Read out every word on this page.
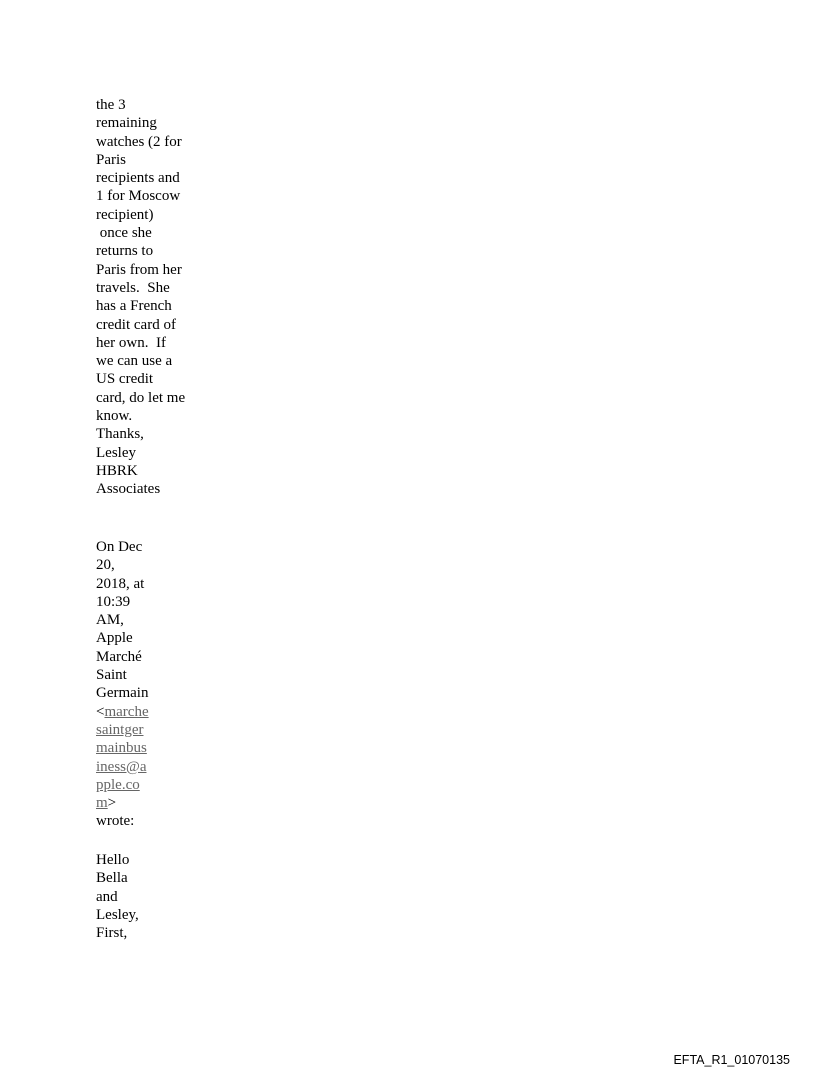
the 3
remaining
watches (2 for
Paris
recipients and
1 for Moscow
recipient)
once she
returns to
Paris from her
travels.  She
has a French
credit card of
her own.  If
we can use a
US credit
card, do let me
know.
Thanks,
Lesley
HBRK
Associates
On Dec
20,
2018, at
10:39
AM,
Apple
Marché
Saint
Germain
<marche
saintger
mainbus
iness@a
pple.co
m>
wrote:
Hello
Bella
and
Lesley,
First,
EFTA_R1_01070135
